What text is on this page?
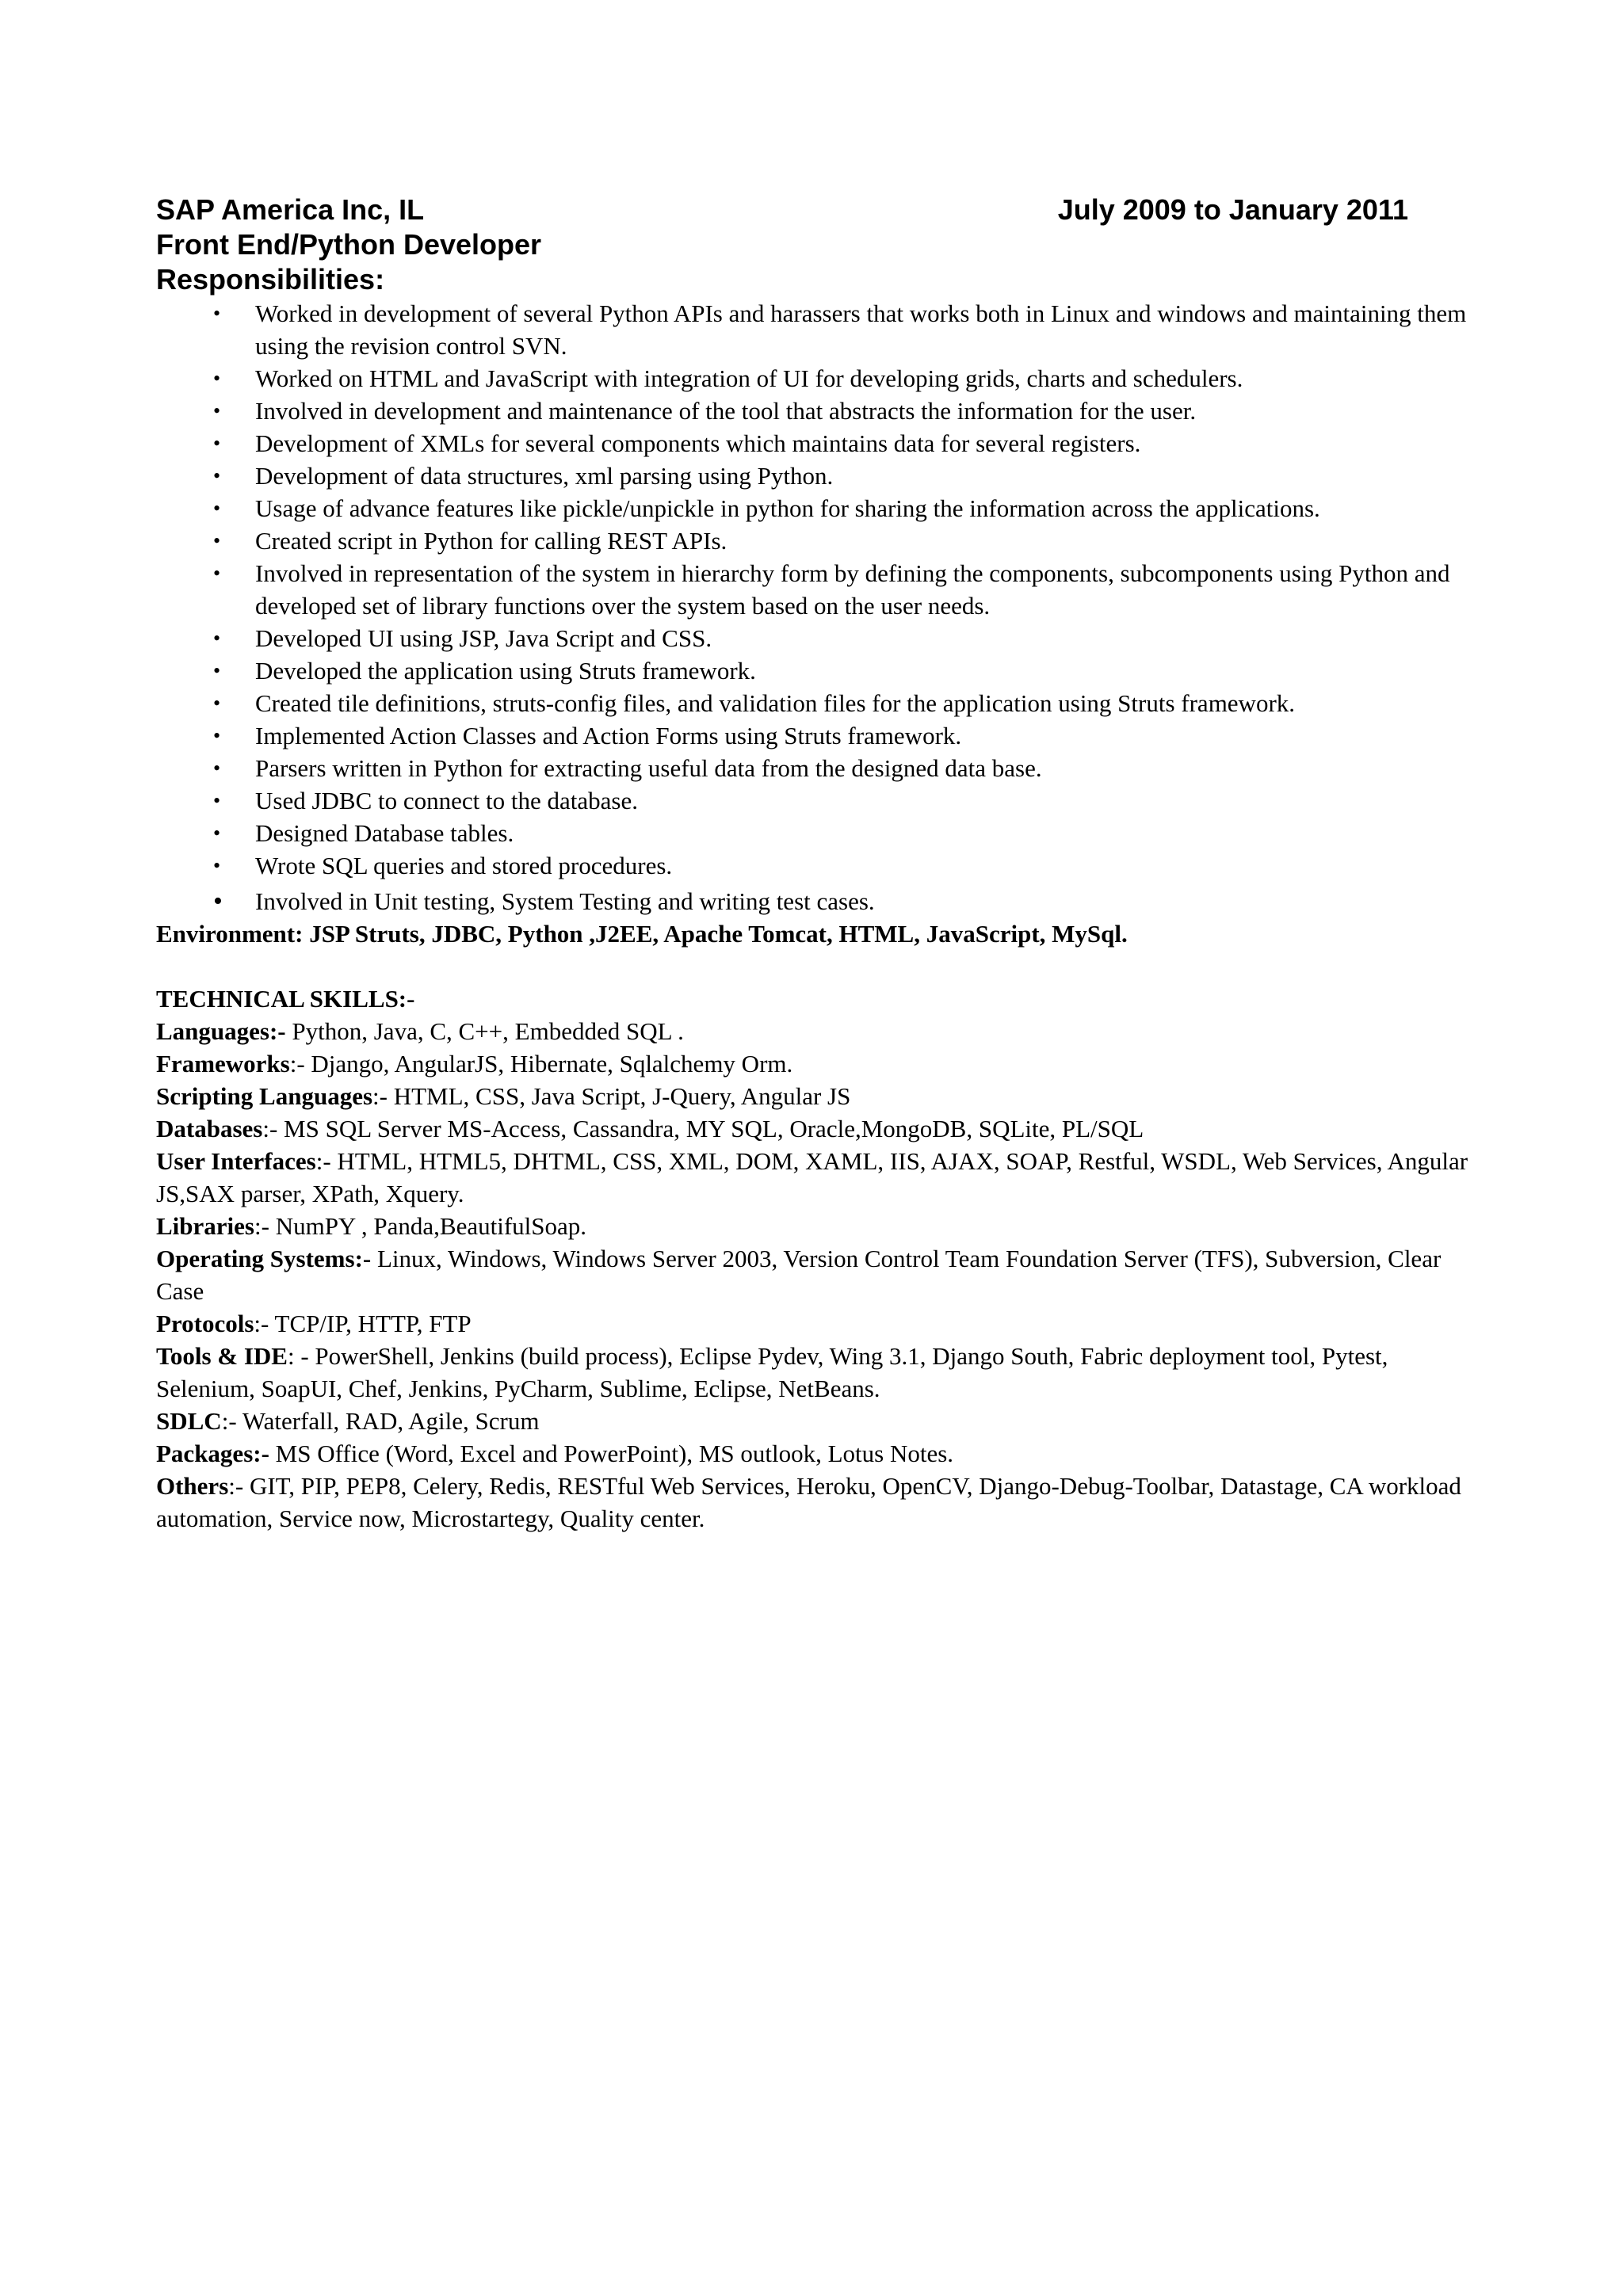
SAP America Inc, IL	July 2009 to January 2011
Front End/Python Developer
Responsibilities:
• Worked in development of several Python APIs and harassers that works both in Linux and windows and maintaining them using the revision control SVN.
• Worked on HTML and JavaScript with integration of UI for developing grids, charts and schedulers.
• Involved in development and maintenance of the tool that abstracts the information for the user.
• Development of XMLs for several components which maintains data for several registers.
• Development of data structures, xml parsing using Python.
• Usage of advance features like pickle/unpickle in python for sharing the information across the applications.
• Created script in Python for calling REST APIs.
• Involved in representation of the system in hierarchy form by defining the components, subcomponents using Python and developed set of library functions over the system based on the user needs.
• Developed UI using JSP, Java Script and CSS.
• Developed the application using Struts framework.
• Created tile definitions, struts-config files, and validation files for the application using Struts framework.
• Implemented Action Classes and Action Forms using Struts framework.
• Parsers written in Python for extracting useful data from the designed data base.
• Used JDBC to connect to the database.
• Designed Database tables.
• Wrote SQL queries and stored procedures.
• Involved in Unit testing, System Testing and writing test cases.
Environment: JSP Struts, JDBC, Python ,J2EE, Apache Tomcat, HTML, JavaScript, MySql.
TECHNICAL SKILLS:-
Languages:- Python, Java, C, C++, Embedded SQL .
Frameworks:- Django, AngularJS, Hibernate, Sqlalchemy Orm.
Scripting Languages:- HTML, CSS, Java Script, J-Query, Angular JS
Databases:- MS SQL Server MS-Access, Cassandra, MY SQL, Oracle,MongoDB, SQLite, PL/SQL
User Interfaces:- HTML, HTML5, DHTML, CSS, XML, DOM, XAML, IIS, AJAX, SOAP, Restful, WSDL, Web Services, Angular JS,SAX parser, XPath, Xquery.
Libraries:- NumPY , Panda,BeautifulSoap.
Operating Systems:- Linux, Windows, Windows Server 2003, Version Control Team Foundation Server (TFS), Subversion, Clear Case
Protocols:- TCP/IP, HTTP, FTP
Tools & IDE: - PowerShell, Jenkins (build process), Eclipse Pydev, Wing 3.1, Django South, Fabric deployment tool, Pytest, Selenium, SoapUI, Chef, Jenkins, PyCharm, Sublime, Eclipse, NetBeans.
SDLC:- Waterfall, RAD, Agile, Scrum
Packages:- MS Office (Word, Excel and PowerPoint), MS outlook, Lotus Notes.
Others:- GIT, PIP, PEP8, Celery, Redis, RESTful Web Services, Heroku, OpenCV, Django-Debug-Toolbar, Datastage, CA workload automation, Service now, Microstartegy, Quality center.
